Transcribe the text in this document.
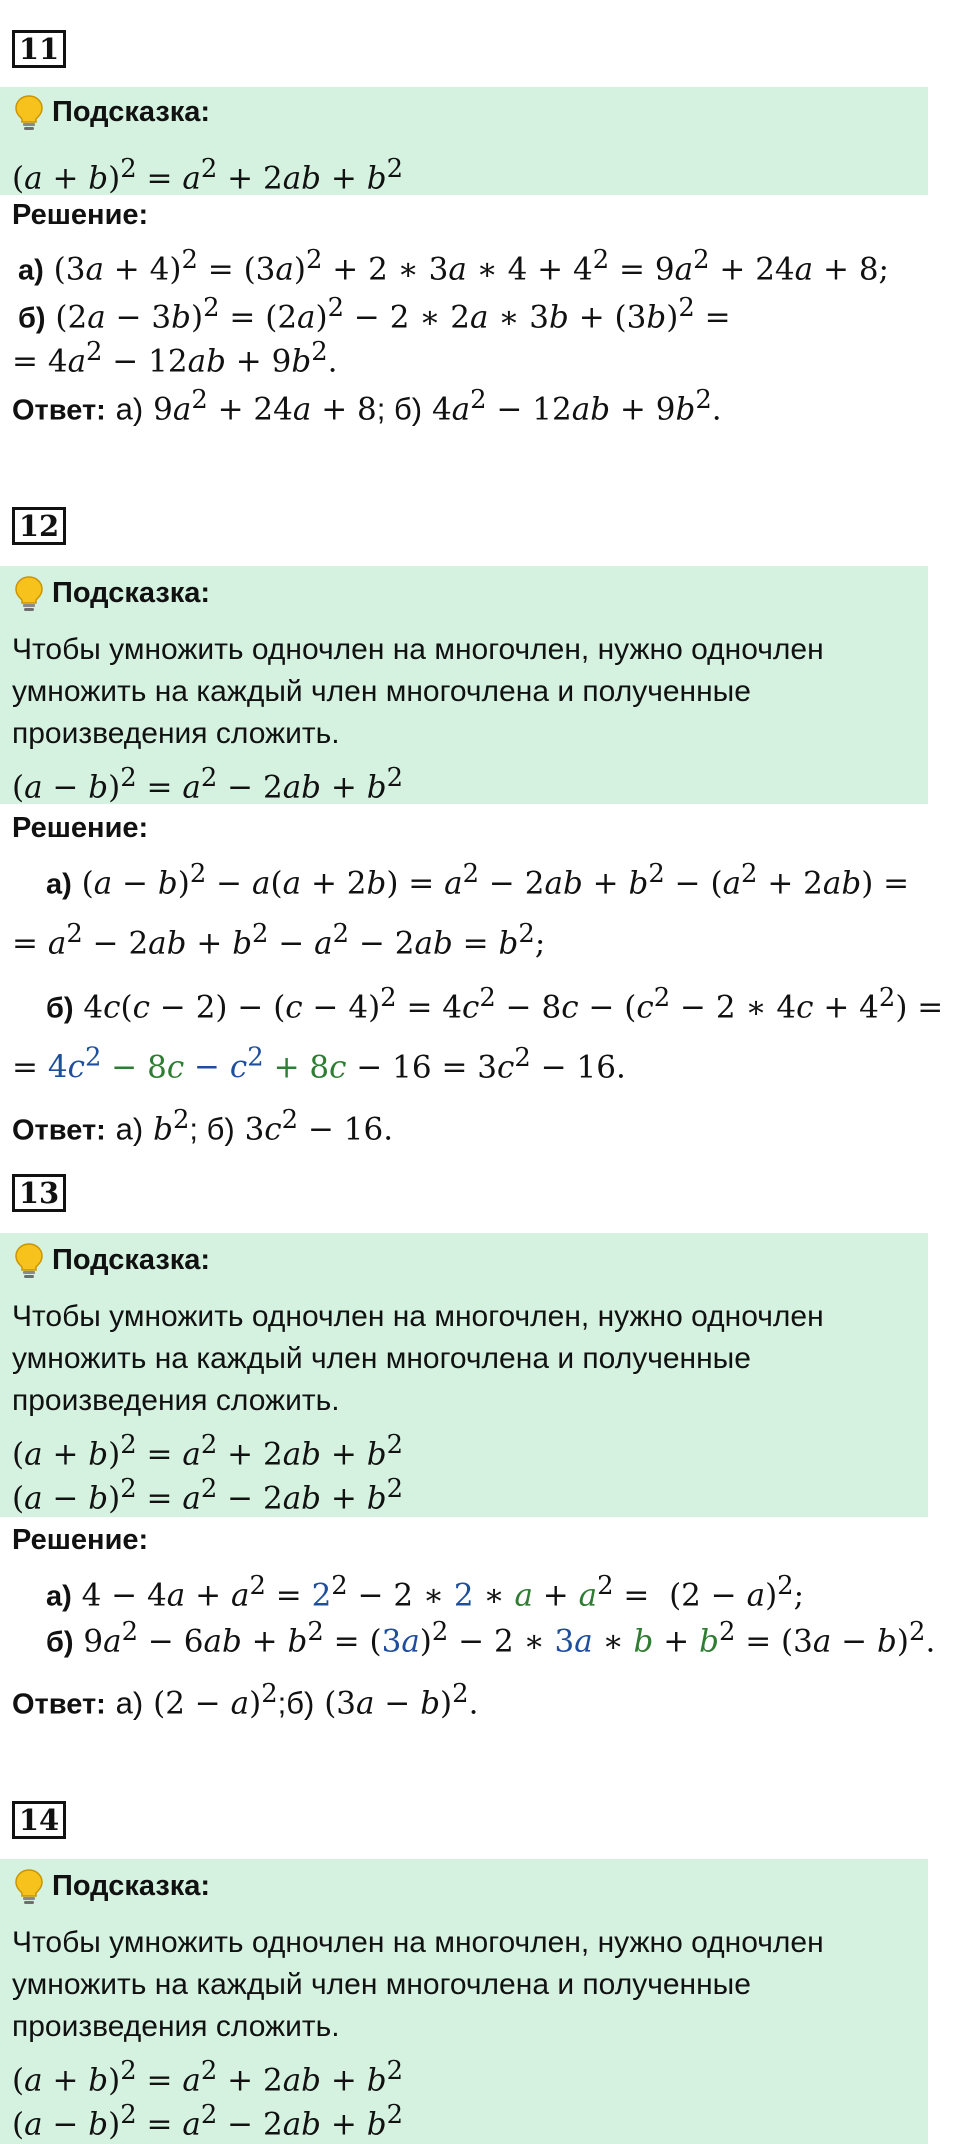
11
Подсказка:
$(a + b)^2 = a^2 + 2ab + b^2$
Решение:
а) $(3a + 4)^2 = (3a)^2 + 2$ ∗ 3a ∗ $4 + 4^2 = 9a^2 + 24a + 8$;
б) $(2a - 3b)^2 = (2a)^2 - 2$ ∗ 2a ∗ $3b + (3b)^2$ =
= $4a^2 - 12ab + 9b^2$.
Ответ: а) $9a^2 + 24a + 8$; б) $4a^2 - 12ab + 9b^2$.
12
Подсказка:
Чтобы умножить одночлен на многочлен, нужно одночлен
умножить на каждый член многочлена и полученные
произведения сложить.
$(a - b)^2 = a^2 - 2ab + b^2$
Решение:
а) $(a - b)^2 - a(a + 2b) = a^2 - 2ab + b^2 - (a^2 + 2ab)$ =
= $a^2 - 2ab + b^2 - a^2 - 2ab = b^2$;
б) $4c(c - 2) - (c - 4)^2 = 4c^2 - 8c - (c^2 - 2$ ∗ $4c + 4^2$) =
= $4c^2 - 8c - c^2 + 8c - 16 = 3c^2 - 16$.
Ответ: а) $b^2$; б) $3c^2 - 16$.
13
Подсказка:
Чтобы умножить одночлен на многочлен, нужно одночлен
умножить на каждый член многочлена и полученные
произведения сложить.
$(a + b)^2 = a^2 + 2ab + b^2$
$(a - b)^2 = a^2 - 2ab + b^2$
Решение:
а) $4 - 4a + a^2 = 2^2 - 2$ ∗ 2 ∗ $a + a^2 = (2 - a)^2$;
б) $9a^2 - 6ab + b^2 = (3a)^2 - 2$ ∗ 3a ∗ $b + b^2 = (3a - b)^2$.
Ответ: а) $(2 - a)^2;б$) $(3a - b)^2$.
14
Подсказка:
Чтобы умножить одночлен на многочлен, нужно одночлен
умножить на каждый член многочлена и полученные
произведения сложить.
$(a + b)^2 = a^2 + 2ab + b^2$
$(a - b)^2 = a^2 - 2ab + b^2$
